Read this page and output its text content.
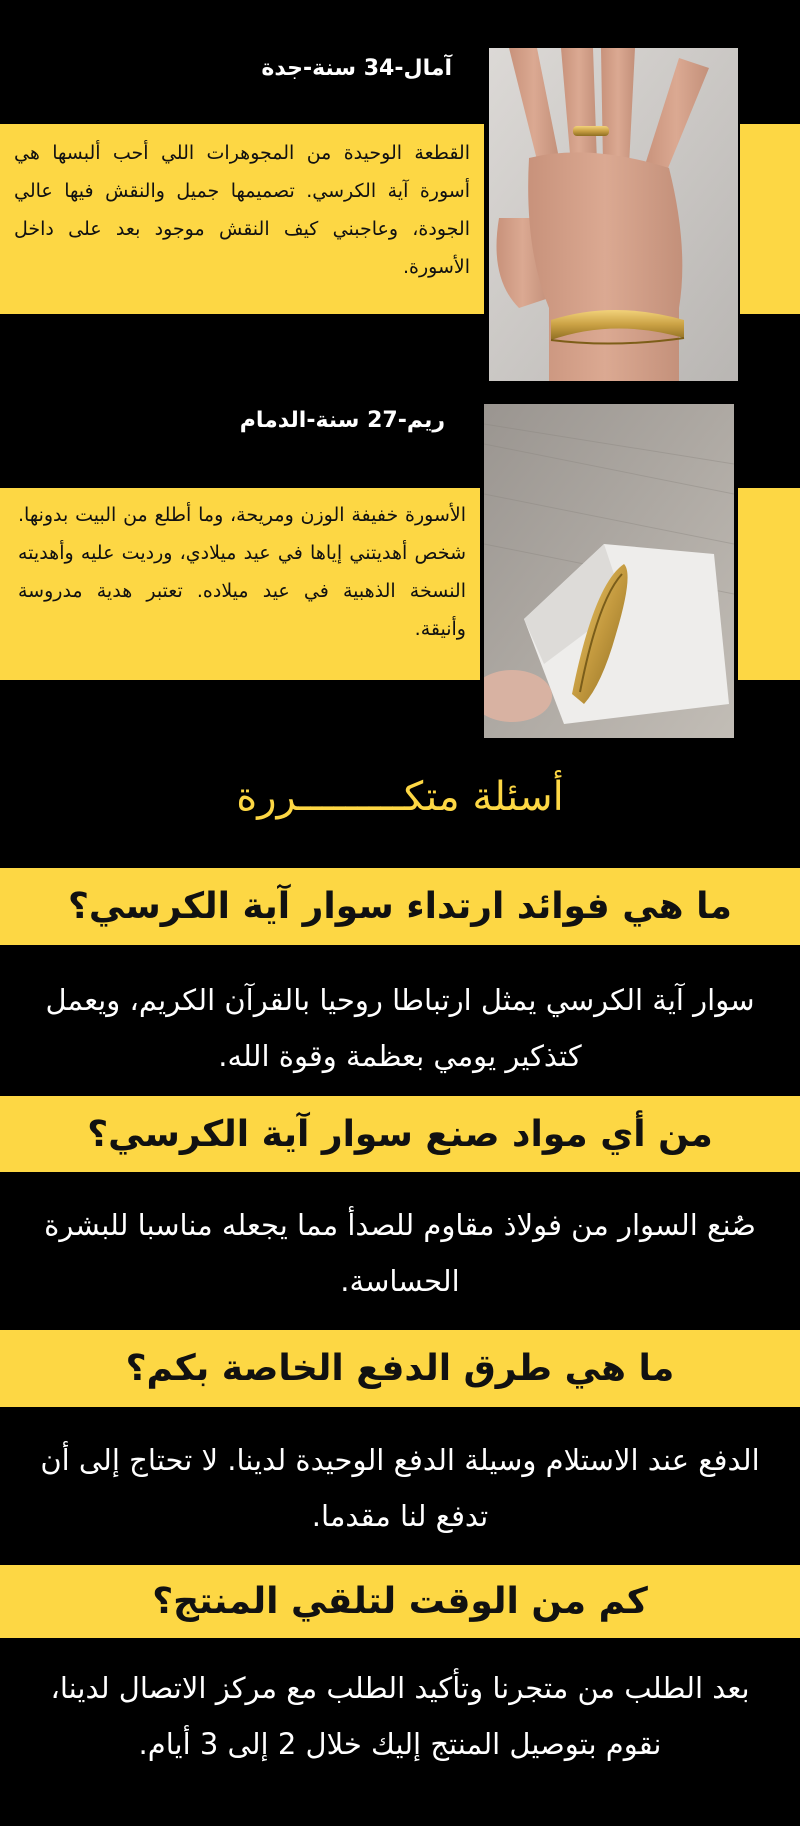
آمال-34 سنة-جدة
القطعة الوحيدة من المجوهرات اللي أحب ألبسها هي أسورة آية الكرسي. تصميمها جميل والنقش فيها عالي الجودة، وعاجبني كيف النقش موجود بعد على داخل الأسورة.
ريم-27 سنة-الدمام
الأسورة خفيفة الوزن ومريحة، وما أطلع من البيت بدونها. شخص أهديتني إياها في عيد ميلادي، ورديت عليه وأهديته النسخة الذهبية في عيد ميلاده. تعتبر هدية مدروسة وأنيقة.
أسئلة متكـــــــــررة
ما هي فوائد ارتداء سوار آية الكرسي؟
سوار آية الكرسي يمثل ارتباطا روحيا بالقرآن الكريم، ويعمل كتذكير يومي بعظمة وقوة الله.
من أي مواد صنع سوار آية الكرسي؟
صُنع السوار من فولاذ مقاوم للصدأ مما يجعله مناسبا للبشرة الحساسة.
ما هي طرق الدفع الخاصة بكم؟
الدفع عند الاستلام وسيلة الدفع الوحيدة لدينا. لا تحتاج إلى أن تدفع لنا مقدما.
كم من الوقت لتلقي المنتج؟
بعد الطلب من متجرنا وتأكيد الطلب مع مركز الاتصال لدينا، نقوم بتوصيل المنتج إليك خلال 2 إلى 3 أيام.
